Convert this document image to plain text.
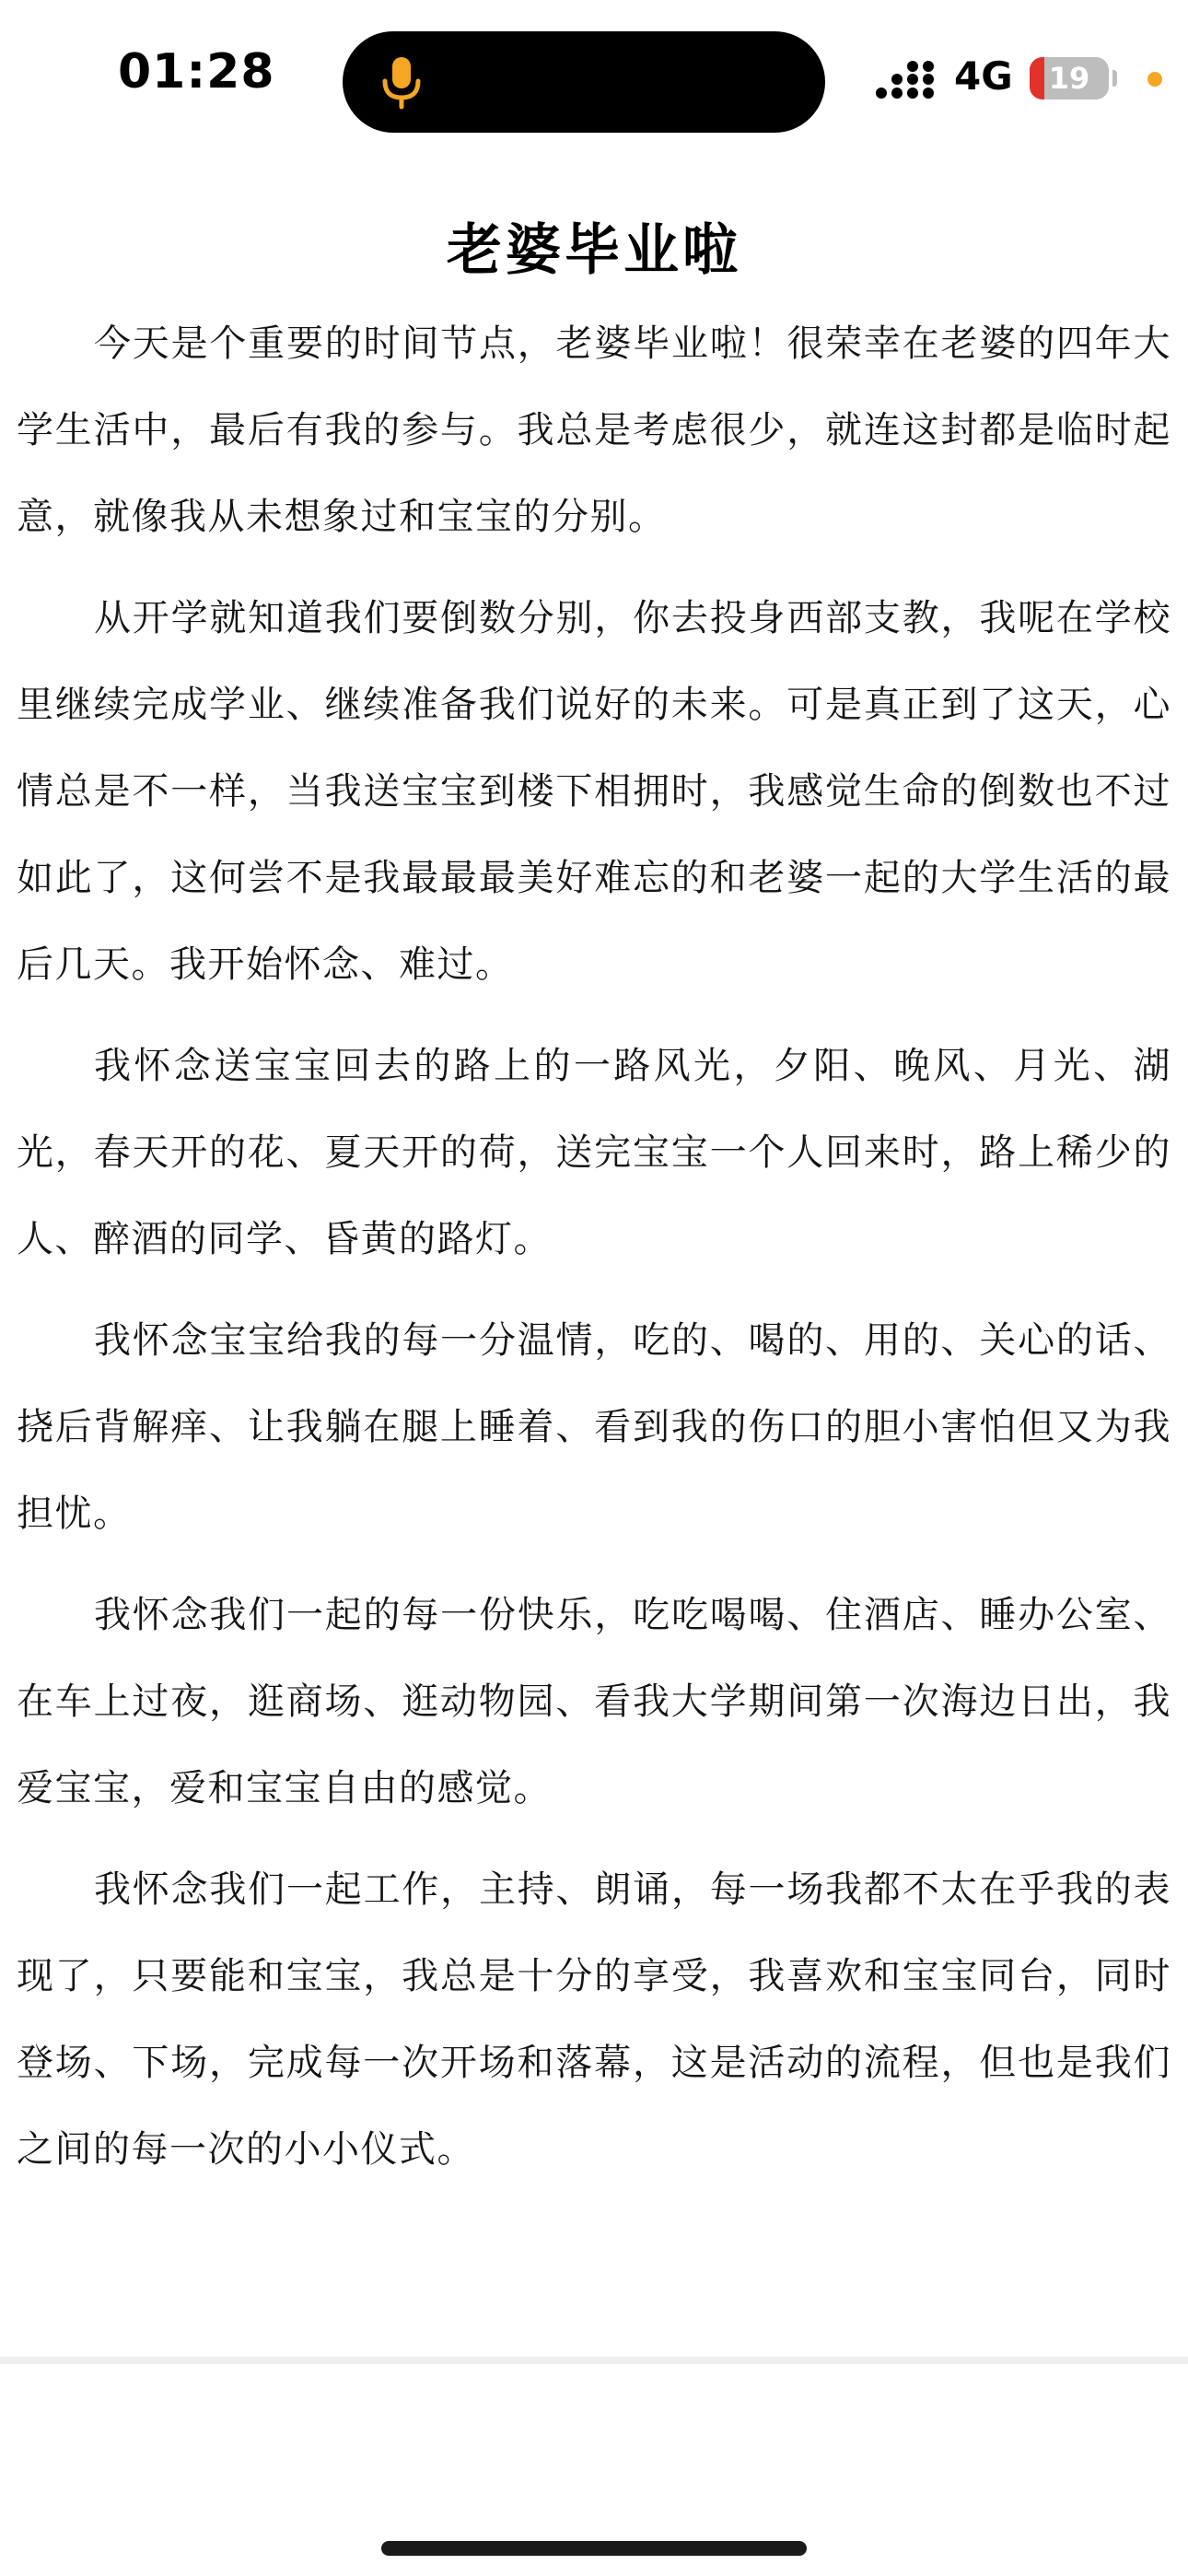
01:28	4G	19
老婆毕业啦

今天是个重要的时间节点，老婆毕业啦！很荣幸在老婆的四年大学生活中，最后有我的参与。我总是考虑很少，就连这封都是临时起意，就像我从未想象过和宝宝的分别。

从开学就知道我们要倒数分别，你去投身西部支教，我呢在学校里继续完成学业、继续准备我们说好的未来。可是真正到了这天，心情总是不一样，当我送宝宝到楼下相拥时，我感觉生命的倒数也不过如此了，这何尝不是我最最最美好难忘的和老婆一起的大学生活的最后几天。我开始怀念、难过。

我怀念送宝宝回去的路上的一路风光，夕阳、晚风、月光、湖光，春天开的花、夏天开的荷，送完宝宝一个人回来时，路上稀少的人、醉酒的同学、昏黄的路灯。

我怀念宝宝给我的每一分温情，吃的、喝的、用的、关心的话、挠后背解痒、让我躺在腿上睡着、看到我的伤口的胆小害怕但又为我担忧。

我怀念我们一起的每一份快乐，吃吃喝喝、住酒店、睡办公室、在车上过夜，逛商场、逛动物园、看我大学期间第一次海边日出，我爱宝宝，爱和宝宝自由的感觉。

我怀念我们一起工作，主持、朗诵，每一场我都不太在乎我的表现了，只要能和宝宝，我总是十分的享受，我喜欢和宝宝同台，同时登场、下场，完成每一次开场和落幕，这是活动的流程，但也是我们之间的每一次的小小仪式。
